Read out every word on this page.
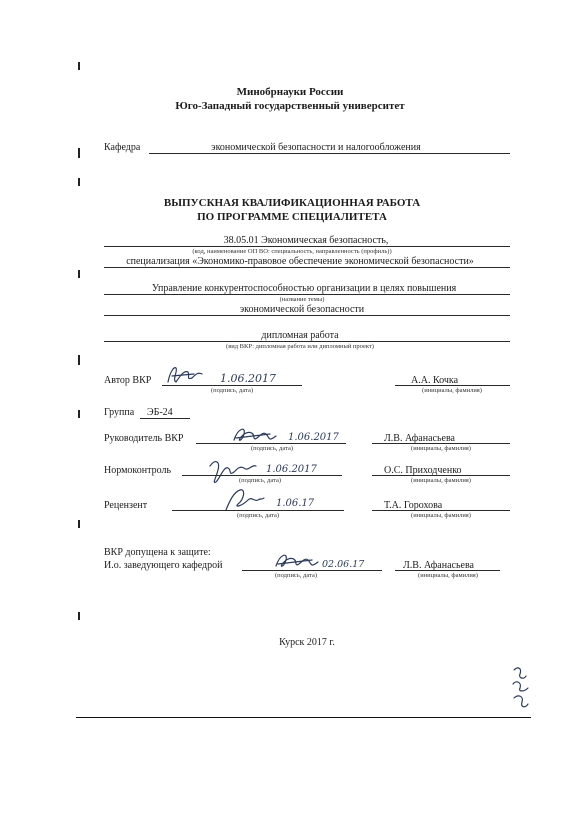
Минобрнауки России
Юго-Западный государственный университет
Кафедра	экономической безопасности и налогообложения
ВЫПУСКНАЯ КВАЛИФИКАЦИОННАЯ РАБОТА
ПО ПРОГРАММЕ СПЕЦИАЛИТЕТА
38.05.01 Экономическая безопасность,
(код, наименование ОП ВО: специальность, направленность (профиль))
специализация «Экономико-правовое обеспечение экономической безопасности»
Управление конкурентоспособностью организации в целях повышения
(название темы)
экономической безопасности
дипломная работа
(вид ВКР: дипломная работа или дипломный проект)
Автор ВКР	1.06.2017
(подпись, дата)
А.А. Кочка
(инициалы, фамилия)
Группа ЭБ-24
Руководитель ВКР	1.06.2017
(подпись, дата)
Л.В. Афанасьева
(инициалы, фамилия)
Нормоконтроль	1.06.2017
(подпись, дата)
О.С. Приходченко
(инициалы, фамилия)
Рецензент	1.06.17
(подпись, дата)
Т.А. Горохова
(инициалы, фамилия)
ВКР допущена к защите:
И.о. заведующего кафедрой	02.06.17
(подпись, дата)
Л.В. Афанасьева
(инициалы, фамилия)
Курск 2017 г.
